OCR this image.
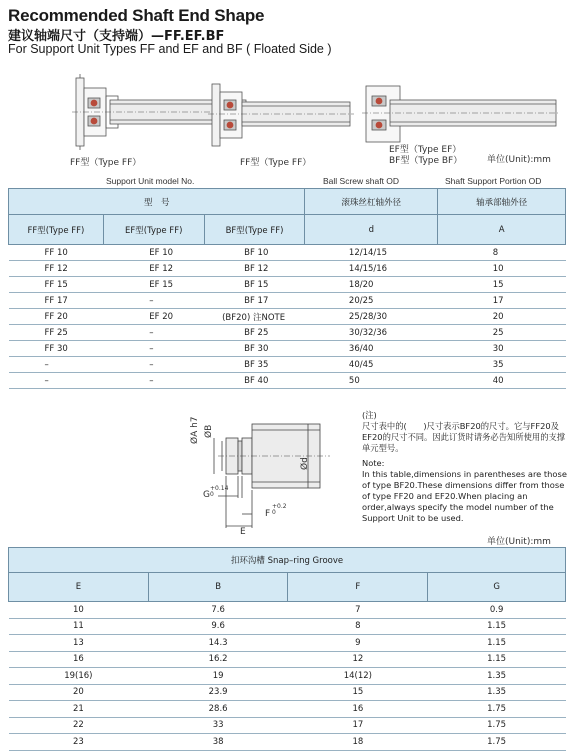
Recommended Shaft End Shape
建议轴端尺寸（支持端）—FF.EF.BF
For Support Unit Types FF and EF and BF ( Floated Side )
FF型（Type FF）	FF型（Type FF）
EF型（Type EF）
BF型（Type BF）	单位(Unit):mm
Support Unit model No.	Ball Screw shaft OD	Shaft Support Portion OD
型　号			滚珠丝杠轴外径	轴承部轴外径
FF型(Type FF)	EF型(Type FF)	BF型(Type FF)	d	A
FF 10	EF 10	BF 10	12/14/15	8
FF 12	EF 12	BF 12	14/15/16	10
FF 15	EF 15	BF 15	18/20	15
FF 17	–	BF 17	20/25	17
FF 20	EF 20	(BF20) 注NOTE	25/28/30	20
FF 25	–	BF 25	30/32/36	25
FF 30	–	BF 30	36/40	30
–	–	BF 35	40/45	35
–	–	BF 40	50	40
ØA h7 ØB
Ød
G
+0.14
0
F
+0.2
0
E

(注)

尺寸表中的(　　)尺寸表示BF20的尺寸。它与FF20及EF20的尺寸不同。因此订货时请务必告知所使用的支撑单元型号。

Note:

In this table,dimensions in parentheses are those of type BF20.These dimensions differ from those of type FF20 and EF20.When placing an order,always specify the model number of the Support Unit to be used.

单位(Unit):mm
扣环沟槽 Snap–ring Groove			
E	B	F	G
10	7.6	7	0.9
11	9.6	8	1.15
13	14.3	9	1.15
16	16.2	12	1.15
19(16)	19	14(12)	1.35
20	23.9	15	1.35
21	28.6	16	1.75
22	33	17	1.75
23	38	18	1.75
